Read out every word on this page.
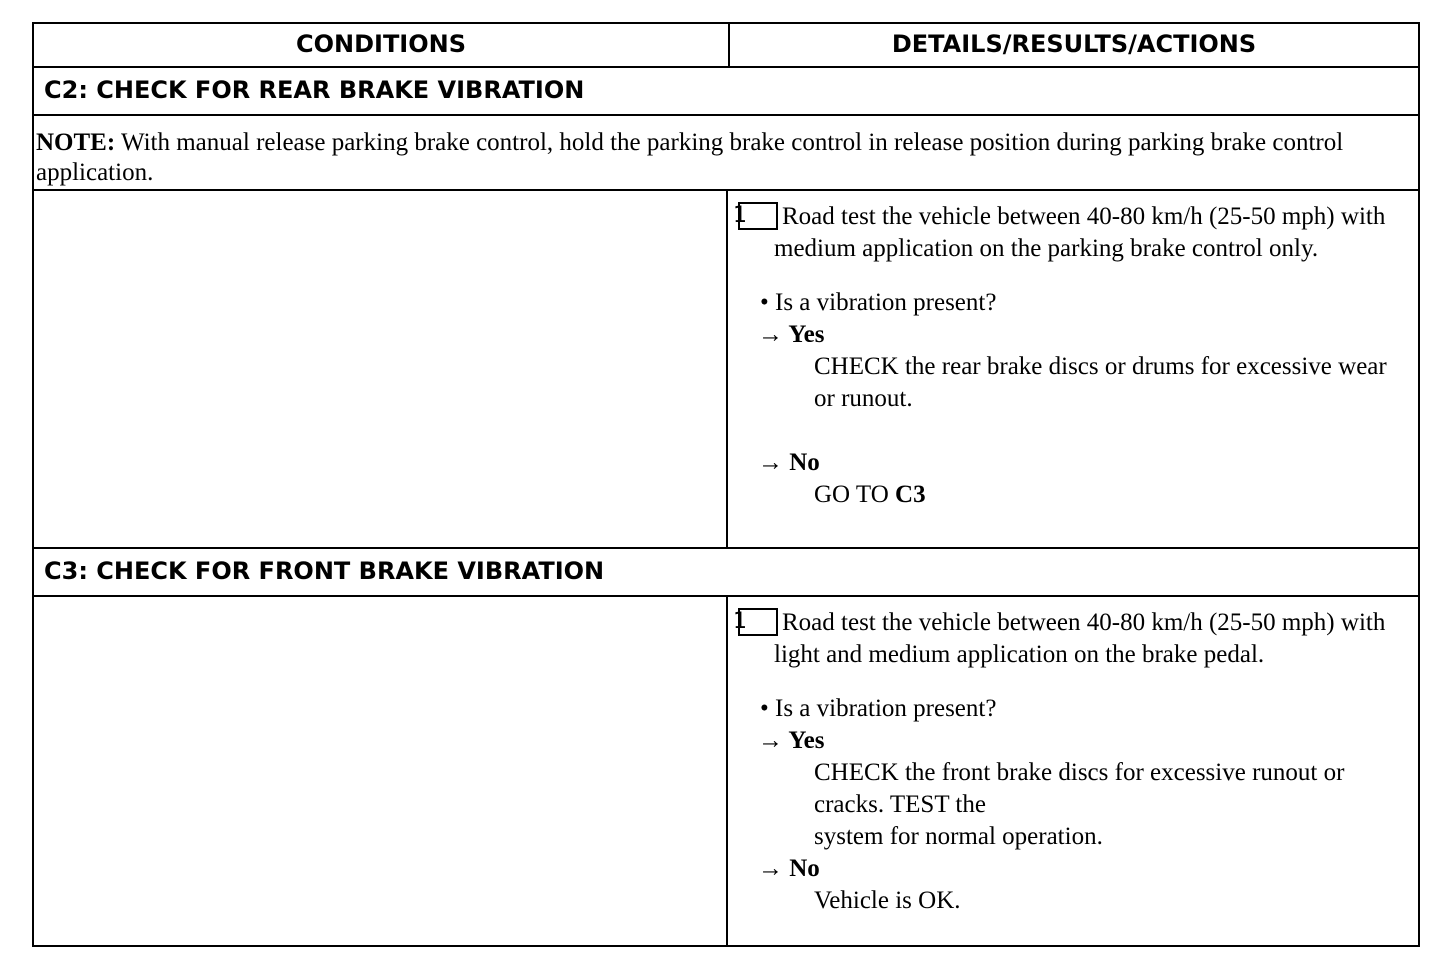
CONDITIONS	DETAILS/RESULTS/ACTIONS
C2: CHECK FOR REAR BRAKE VIBRATION
NOTE: With manual release parking brake control, hold the parking brake control in release position during parking brake control application.
1 Road test the vehicle between 40-80 km/h (25-50 mph) with medium application on the parking brake control only.
• Is a vibration present?
→ Yes
CHECK the rear brake discs or drums for excessive wear or runout.
→ No
GO TO C3
C3: CHECK FOR FRONT BRAKE VIBRATION
1 Road test the vehicle between 40-80 km/h (25-50 mph) with light and medium application on the brake pedal.
• Is a vibration present?
→ Yes
CHECK the front brake discs for excessive runout or cracks. TEST the
system for normal operation.
→ No
Vehicle is OK.
